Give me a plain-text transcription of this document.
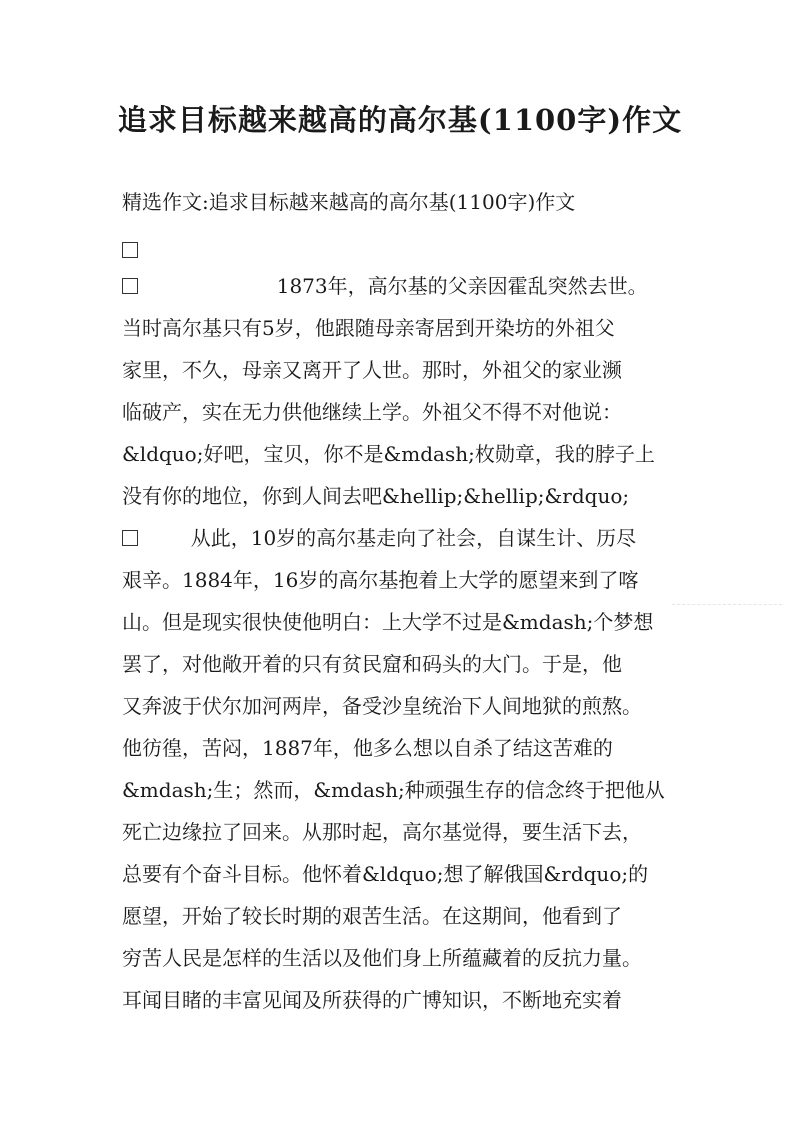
追求目标越来越高的高尔基(1100字)作文
精选作文:追求目标越来越高的高尔基(1100字)作文
1873年，高尔基的父亲因霍乱突然去世。
当时高尔基只有5岁，他跟随母亲寄居到开染坊的外祖父
家里，不久，母亲又离开了人世。那时，外祖父的家业濒
临破产，实在无力供他继续上学。外祖父不得不对他说：
&ldquo;好吧，宝贝，你不是&mdash;枚勋章，我的脖子上
没有你的地位，你到人间去吧&hellip;&hellip;&rdquo;
从此，10岁的高尔基走向了社会，自谋生计、历尽
艰辛。1884年，16岁的高尔基抱着上大学的愿望来到了喀
山。但是现实很快使他明白：上大学不过是&mdash;个梦想
罢了，对他敞开着的只有贫民窟和码头的大门。于是，他
又奔波于伏尔加河两岸，备受沙皇统治下人间地狱的煎熬。
他彷徨，苦闷，1887年，他多么想以自杀了结这苦难的
&mdash;生；然而，&mdash;种顽强生存的信念终于把他从
死亡边缘拉了回来。从那时起，高尔基觉得，要生活下去，
总要有个奋斗目标。他怀着&ldquo;想了解俄国&rdquo;的
愿望，开始了较长时期的艰苦生活。在这期间，他看到了
穷苦人民是怎样的生活以及他们身上所蕴藏着的反抗力量。
耳闻目睹的丰富见闻及所获得的广博知识，不断地充实着
